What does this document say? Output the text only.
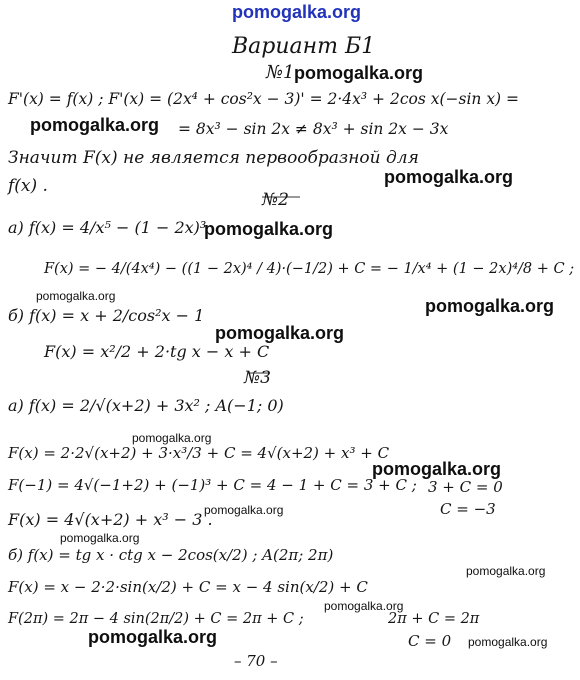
pomogalka.org
Вариант Б1
№1 pomogalka.org
F'(x) = f(x) ; F'(x) = (2x⁴ + cos²x − 3)' = 2·4x³ + 2cos x(−sin x) =
pomogalka.org = 8x³ − sin 2x ≠ 8x³ + sin 2x − 3x
Значит F(x) не является первообразной для
pomogalka.org
f(x) .
№2
а) f(x) = 4/x⁵ − (1 − 2x)³
pomogalka.org
F(x) = − 4/(4x⁴) − ((1 − 2x)⁴ / 4)·(−1/2) + C = − 1/x⁴ + (1 − 2x)⁴/8 + C ;
pomogalka.org	pomogalka.org
б) f(x) = x + 2/cos²x − 1
pomogalka.org
F(x) = x²/2 + 2·tg x − x + C
№3
а) f(x) = 2/√(x+2) + 3x² ; A(−1; 0)
pomogalka.org
F(x) = 2·2√(x+2) + 3·x³/3 + C = 4√(x+2) + x³ + C
pomogalka.org
F(−1) = 4√(−1+2) + (−1)³ + C = 4 − 1 + C = 3 + C ; 3 + C = 0
pomogalka.org	C = −3
F(x) = 4√(x+2) + x³ − 3 .
pomogalka.org
б) f(x) = tg x · ctg x − 2cos(x/2) ; A(2π; 2π)
pomogalka.org
F(x) = x − 2·2·sin(x/2) + C = x − 4 sin(x/2) + C
pomogalka.org
F(2π) = 2π − 4 sin(2π/2) + C = 2π + C ;	2π + C = 2π
pomogalka.org	C = 0 pomogalka.org
– 70 –
